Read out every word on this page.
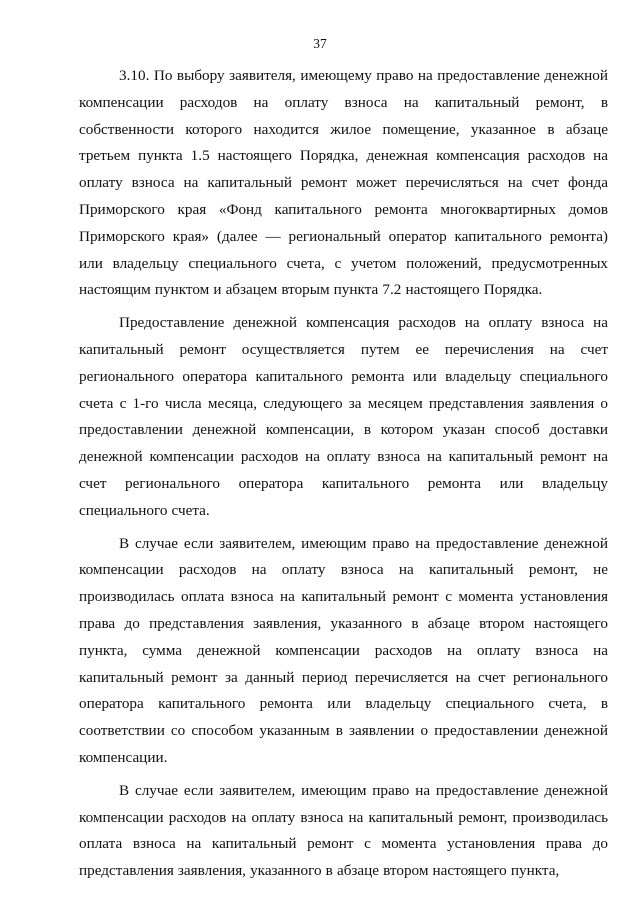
37

3.10. По выбору заявителя, имеющему право на предоставление денежной компенсации расходов на оплату взноса на капитальный ремонт, в собственности которого находится жилое помещение, указанное в абзаце третьем пункта 1.5 настоящего Порядка, денежная компенсация расходов на оплату взноса на капитальный ремонт может перечисляться на счет фонда Приморского края «Фонд капитального ремонта многоквартирных домов Приморского края» (далее — региональный оператор капитального ремонта) или владельцу специального счета, с учетом положений, предусмотренных настоящим пунктом и абзацем вторым пункта 7.2 настоящего Порядка.

Предоставление денежной компенсация расходов на оплату взноса на капитальный ремонт осуществляется путем ее перечисления на счет регионального оператора капитального ремонта или владельцу специального счета с 1-го числа месяца, следующего за месяцем представления заявления о предоставлении денежной компенсации, в котором указан способ доставки денежной компенсации расходов на оплату взноса на капитальный ремонт на счет регионального оператора капитального ремонта или владельцу специального счета.

В случае если заявителем, имеющим право на предоставление денежной компенсации расходов на оплату взноса на капитальный ремонт, не производилась оплата взноса на капитальный ремонт с момента установления права до представления заявления, указанного в абзаце втором настоящего пункта, сумма денежной компенсации расходов на оплату взноса на капитальный ремонт за данный период перечисляется на счет регионального оператора капитального ремонта или владельцу специального счета, в соответствии со способом указанным в заявлении о предоставлении денежной компенсации.

В случае если заявителем, имеющим право на предоставление денежной компенсации расходов на оплату взноса на капитальный ремонт, производилась оплата взноса на капитальный ремонт с момента установления права до представления заявления, указанного в абзаце втором настоящего пункта,
